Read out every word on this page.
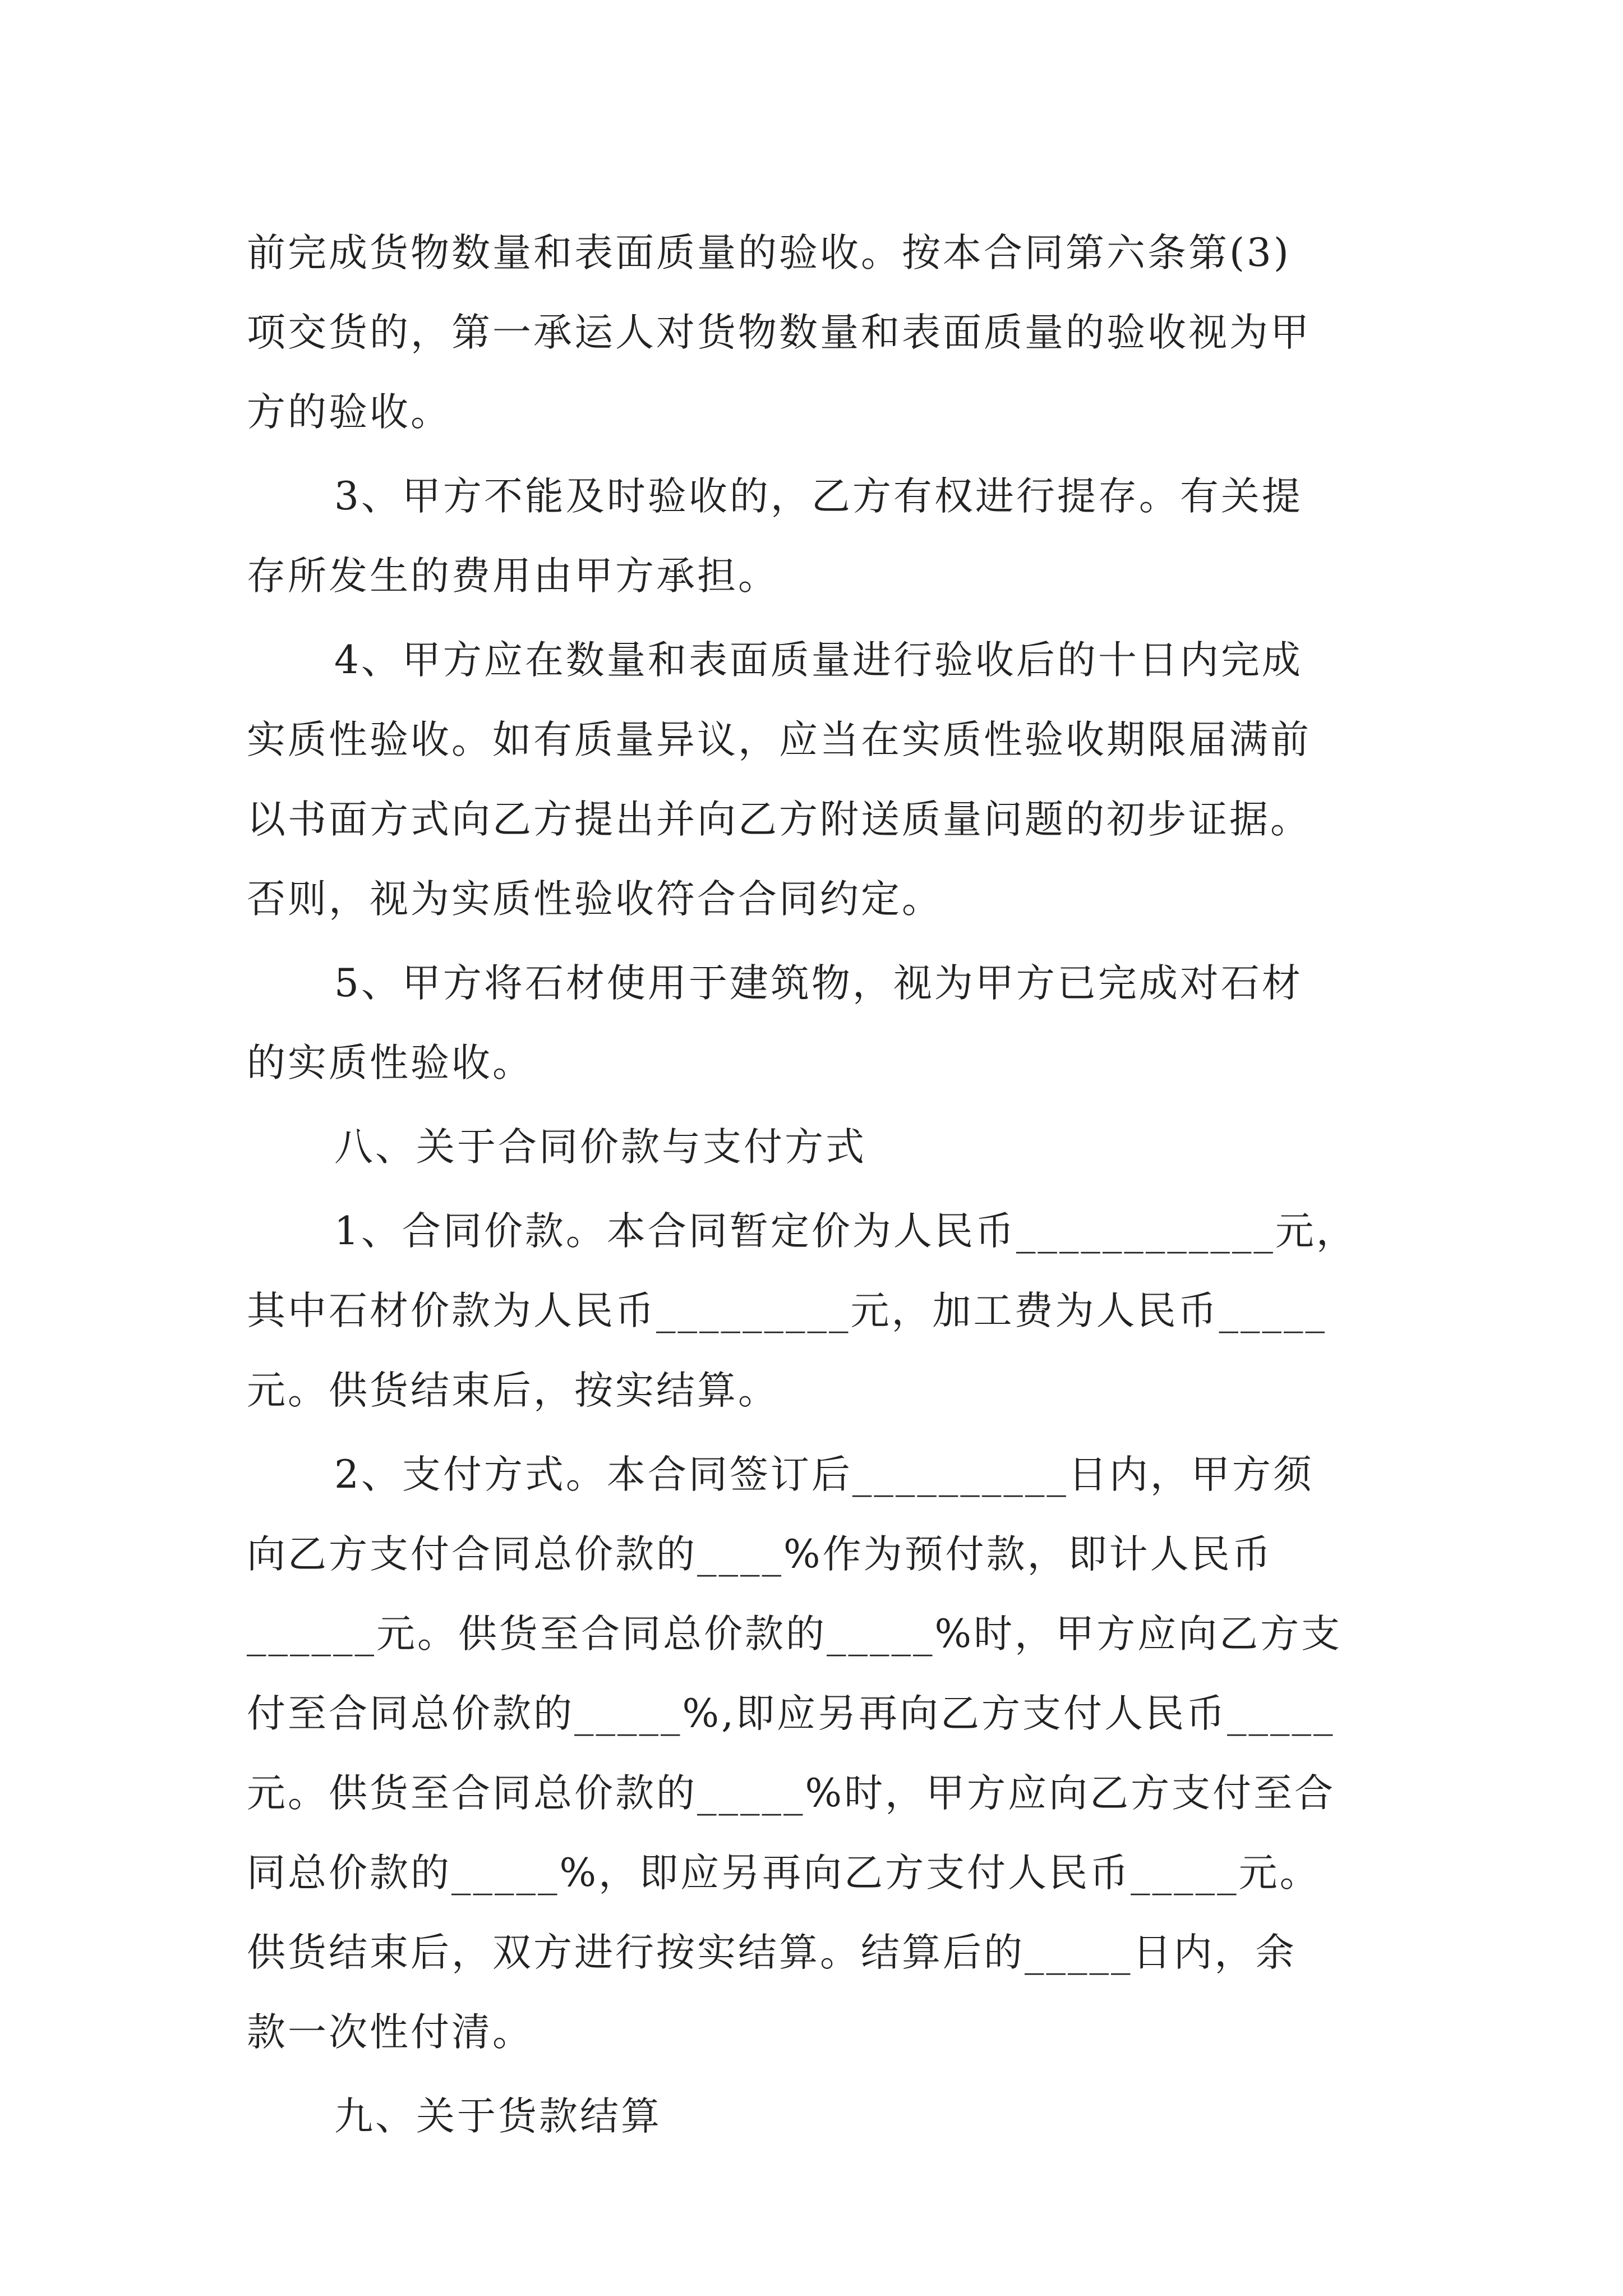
前完成货物数量和表面质量的验收。按本合同第六条第(3)
项交货的，第一承运人对货物数量和表面质量的验收视为甲
方的验收。
3、甲方不能及时验收的，乙方有权进行提存。有关提
存所发生的费用由甲方承担。
4、甲方应在数量和表面质量进行验收后的十日内完成
实质性验收。如有质量异议，应当在实质性验收期限届满前
以书面方式向乙方提出并向乙方附送质量问题的初步证据。
否则，视为实质性验收符合合同约定。
5、甲方将石材使用于建筑物，视为甲方已完成对石材
的实质性验收。
八、关于合同价款与支付方式
1、合同价款。本合同暂定价为人民币____________元，
其中石材价款为人民币_________元，加工费为人民币_____
元。供货结束后，按实结算。
2、支付方式。本合同签订后__________日内，甲方须
向乙方支付合同总价款的____%作为预付款，即计人民币
______元。供货至合同总价款的_____%时，甲方应向乙方支
付至合同总价款的_____%,即应另再向乙方支付人民币_____
元。供货至合同总价款的_____%时，甲方应向乙方支付至合
同总价款的_____%，即应另再向乙方支付人民币_____元。
供货结束后，双方进行按实结算。结算后的_____日内，余
款一次性付清。
九、关于货款结算
